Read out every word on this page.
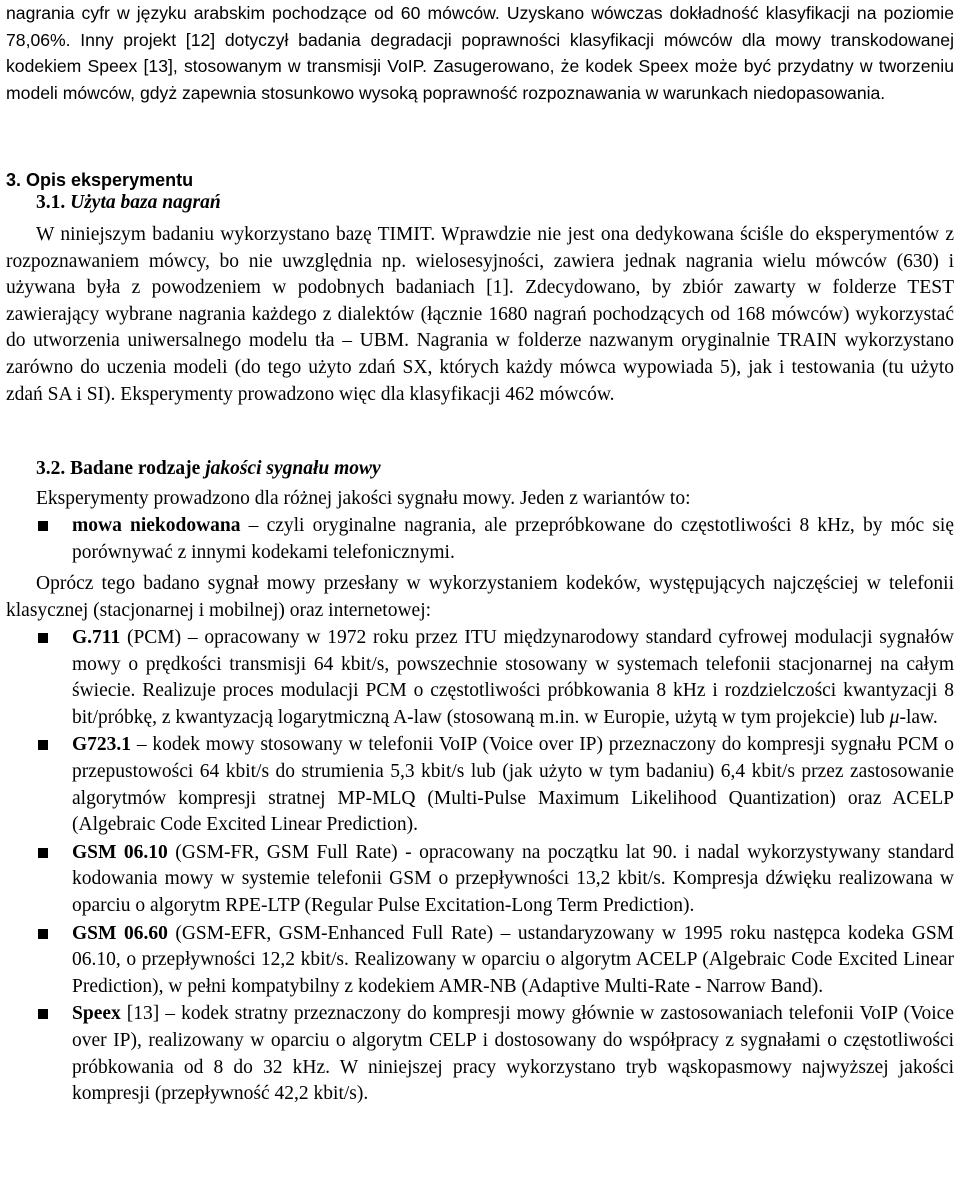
nagrania cyfr w języku arabskim pochodzące od 60 mówców. Uzyskano wówczas dokładność klasyfikacji na poziomie 78,06%. Inny projekt [12] dotyczył badania degradacji poprawności klasyfikacji mówców dla mowy transkodowanej kodekiem Speex [13], stosowanym w transmisji VoIP. Zasugerowano, że kodek Speex może być przydatny w tworzeniu modeli mówców, gdyż zapewnia stosunkowo wysoką poprawność rozpoznawania w warunkach niedopasowania.

3. Opis eksperymentu
3.1. Użyta baza nagrań

W niniejszym badaniu wykorzystano bazę TIMIT. Wprawdzie nie jest ona dedykowana ściśle do eksperymentów z rozpoznawaniem mówcy, bo nie uwzględnia np. wielosesyjności, zawiera jednak nagrania wielu mówców (630) i używana była z powodzeniem w podobnych badaniach [1]. Zdecydowano, by zbiór zawarty w folderze TEST zawierający wybrane nagrania każdego z dialektów (łącznie 1680 nagrań pochodzących od 168 mówców) wykorzystać do utworzenia uniwersalnego modelu tła – UBM. Nagrania w folderze nazwanym oryginalnie TRAIN wykorzystano zarówno do uczenia modeli (do tego użyto zdań SX, których każdy mówca wypowiada 5), jak i testowania (tu użyto zdań SA i SI). Eksperymenty prowadzono więc dla klasyfikacji 462 mówców.

3.2. Badane rodzaje jakości sygnału mowy

Eksperymenty prowadzono dla różnej jakości sygnału mowy. Jeden z wariantów to:

mowa niekodowana – czyli oryginalne nagrania, ale przepróbkowane do częstotliwości 8 kHz, by móc się porównywać z innymi kodekami telefonicznymi.

Oprócz tego badano sygnał mowy przesłany w wykorzystaniem kodeków, występujących najczęściej w telefonii klasycznej (stacjonarnej i mobilnej) oraz internetowej:

G.711 (PCM) – opracowany w 1972 roku przez ITU międzynarodowy standard cyfrowej modulacji sygnałów mowy o prędkości transmisji 64 kbit/s, powszechnie stosowany w systemach telefonii stacjonarnej na całym świecie. Realizuje proces modulacji PCM o częstotliwości próbkowania 8 kHz i rozdzielczości kwantyzacji 8 bit/próbkę, z kwantyzacją logarytmiczną A-law (stosowaną m.in. w Europie, użytą w tym projekcie) lub μ-law.

G723.1 – kodek mowy stosowany w telefonii VoIP (Voice over IP) przeznaczony do kompresji sygnału PCM o przepustowości 64 kbit/s do strumienia 5,3 kbit/s lub (jak użyto w tym badaniu) 6,4 kbit/s przez zastosowanie algorytmów kompresji stratnej MP-MLQ (Multi-Pulse Maximum Likelihood Quantization) oraz ACELP (Algebraic Code Excited Linear Prediction).

GSM 06.10 (GSM-FR, GSM Full Rate) - opracowany na początku lat 90. i nadal wykorzystywany standard kodowania mowy w systemie telefonii GSM o przepływności 13,2 kbit/s. Kompresja dźwięku realizowana w oparciu o algorytm RPE-LTP (Regular Pulse Excitation-Long Term Prediction).

GSM 06.60 (GSM-EFR, GSM-Enhanced Full Rate) – ustandaryzowany w 1995 roku następca kodeka GSM 06.10, o przepływności 12,2 kbit/s. Realizowany w oparciu o algorytm ACELP (Algebraic Code Excited Linear Prediction), w pełni kompatybilny z kodekiem AMR-NB (Adaptive Multi-Rate - Narrow Band).

Speex [13] – kodek stratny przeznaczony do kompresji mowy głównie w zastosowaniach telefonii VoIP (Voice over IP), realizowany w oparciu o algorytm CELP i dostosowany do współpracy z sygnałami o częstotliwości próbkowania od 8 do 32 kHz. W niniejszej pracy wykorzystano tryb wąskopasmowy najwyższej jakości kompresji (przepływność 42,2 kbit/s).
